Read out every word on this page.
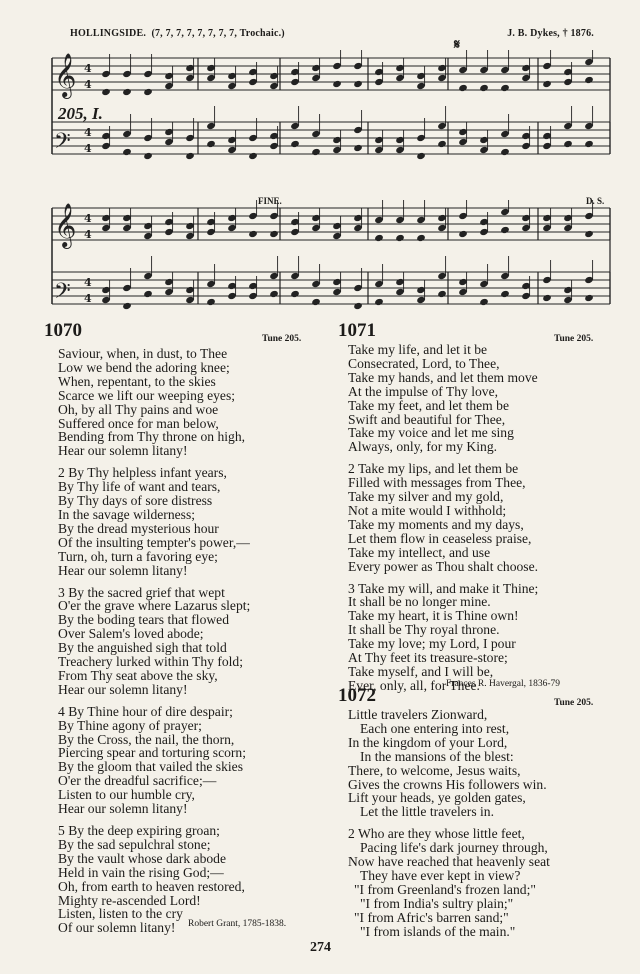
HOLLINGSIDE. (7, 7, 7, 7, 7, 7, 7, 7, Trochaic.)	J. B. Dykes, † 1876.
𝄋
205, I.
FINE.	D. S.
𝄞 4
4
𝄢 4
4
𝄞 4
4
𝄢 4
4
1070	Tune 205.
Saviour, when, in dust, to Thee
Low we bend the adoring knee;
When, repentant, to the skies
Scarce we lift our weeping eyes;
Oh, by all Thy pains and woe
Suffered once for man below,
Bending from Thy throne on high,
Hear our solemn litany!
2 By Thy helpless infant years,
By Thy life of want and tears,
By Thy days of sore distress
In the savage wilderness;
By the dread mysterious hour
Of the insulting tempter's power,—
Turn, oh, turn a favoring eye;
Hear our solemn litany!
3 By the sacred grief that wept
O'er the grave where Lazarus slept;
By the boding tears that flowed
Over Salem's loved abode;
By the anguished sigh that told
Treachery lurked within Thy fold;
From Thy seat above the sky,
Hear our solemn litany!
4 By Thine hour of dire despair;
By Thine agony of prayer;
By the Cross, the nail, the thorn,
Piercing spear and torturing scorn;
By the gloom that vailed the skies
O'er the dreadful sacrifice;—
Listen to our humble cry,
Hear our solemn litany!
5 By the deep expiring groan;
By the sad sepulchral stone;
By the vault whose dark abode
Held in vain the rising God;—
Oh, from earth to heaven restored,
Mighty re-ascended Lord!
Listen, listen to the cry
Of our solemn litany!	Robert Grant, 1785-1838.
1071	Tune 205.
Take my life, and let it be
Consecrated, Lord, to Thee,
Take my hands, and let them move
At the impulse of Thy love,
Take my feet, and let them be
Swift and beautiful for Thee,
Take my voice and let me sing
Always, only, for my King.
2 Take my lips, and let them be
Filled with messages from Thee,
Take my silver and my gold,
Not a mite would I withhold;
Take my moments and my days,
Let them flow in ceaseless praise,
Take my intellect, and use
Every power as Thou shalt choose.
3 Take my will, and make it Thine;
It shall be no longer mine.
Take my heart, it is Thine own!
It shall be Thy royal throne.
Take my love; my Lord, I pour
At Thy feet its treasure-store;
Take myself, and I will be,
Ever, only, all, for Thee.
Frances R. Havergal, 1836-79
1072	Tune 205.
Little travelers Zionward,
Each one entering into rest,
In the kingdom of your Lord,
In the mansions of the blest:
There, to welcome, Jesus waits,
Gives the crowns His followers win.
Lift your heads, ye golden gates,
Let the little travelers in.
2 Who are they whose little feet,
Pacing life's dark journey through,
Now have reached that heavenly seat
They have ever kept in view?
"I from Greenland's frozen land;"
"I from India's sultry plain;"
"I from Afric's barren sand;"
"I from islands of the main."
274
